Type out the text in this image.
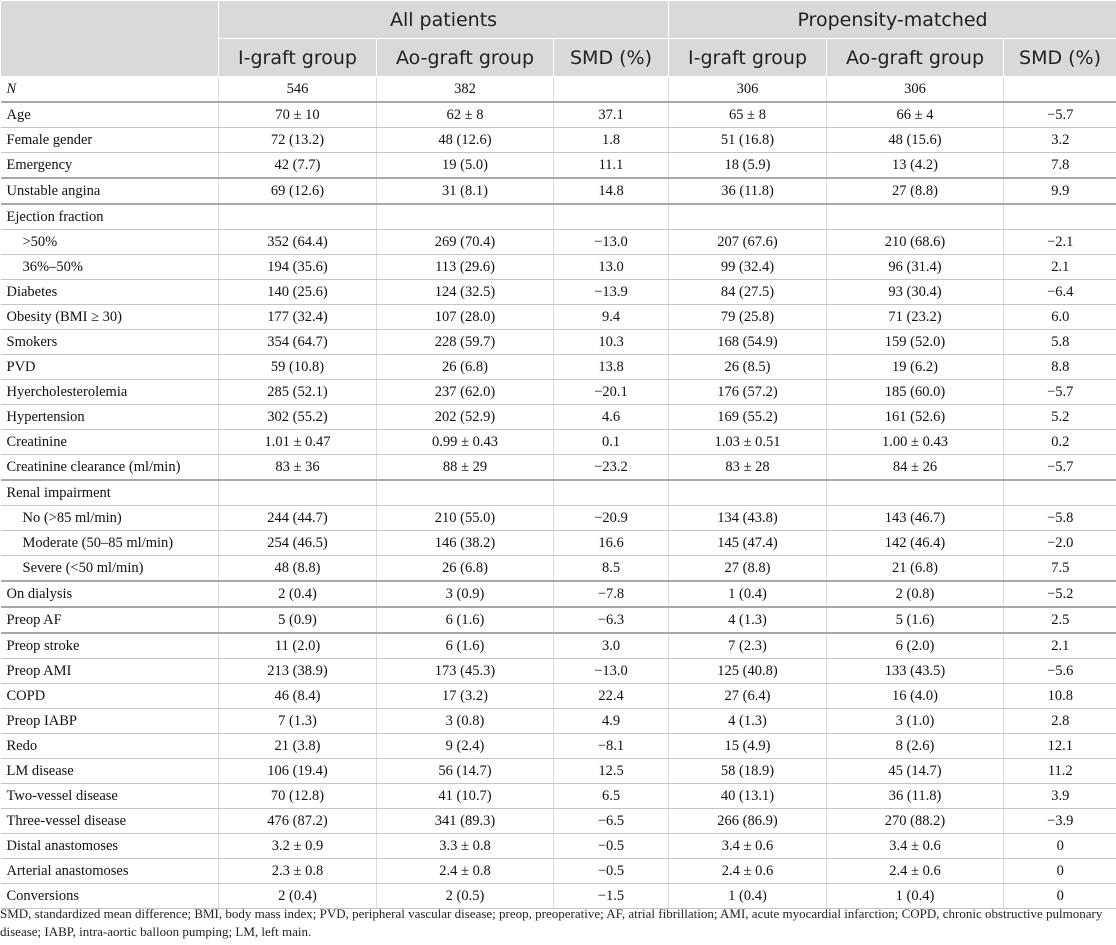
	All patients			Propensity-matched		
	I-graft group	Ao-graft group	SMD (%)	I-graft group	Ao-graft group	SMD (%)
N	546	382		306	306	
Age	70 ± 10	62 ± 8	37.1	65 ± 8	66 ± 4	−5.7
Female gender	72 (13.2)	48 (12.6)	1.8	51 (16.8)	48 (15.6)	3.2
Emergency	42 (7.7)	19 (5.0)	11.1	18 (5.9)	13 (4.2)	7.8
Unstable angina	69 (12.6)	31 (8.1)	14.8	36 (11.8)	27 (8.8)	9.9
Ejection fraction						
>50%	352 (64.4)	269 (70.4)	−13.0	207 (67.6)	210 (68.6)	−2.1
36%–50%	194 (35.6)	113 (29.6)	13.0	99 (32.4)	96 (31.4)	2.1
Diabetes	140 (25.6)	124 (32.5)	−13.9	84 (27.5)	93 (30.4)	−6.4
Obesity (BMI ≥ 30)	177 (32.4)	107 (28.0)	9.4	79 (25.8)	71 (23.2)	6.0
Smokers	354 (64.7)	228 (59.7)	10.3	168 (54.9)	159 (52.0)	5.8
PVD	59 (10.8)	26 (6.8)	13.8	26 (8.5)	19 (6.2)	8.8
Hyercholesterolemia	285 (52.1)	237 (62.0)	−20.1	176 (57.2)	185 (60.0)	−5.7
Hypertension	302 (55.2)	202 (52.9)	4.6	169 (55.2)	161 (52.6)	5.2
Creatinine	1.01 ± 0.47	0.99 ± 0.43	0.1	1.03 ± 0.51	1.00 ± 0.43	0.2
Creatinine clearance (ml/min)	83 ± 36	88 ± 29	−23.2	83 ± 28	84 ± 26	−5.7
Renal impairment						
No (>85 ml/min)	244 (44.7)	210 (55.0)	−20.9	134 (43.8)	143 (46.7)	−5.8
Moderate (50–85 ml/min)	254 (46.5)	146 (38.2)	16.6	145 (47.4)	142 (46.4)	−2.0
Severe (<50 ml/min)	48 (8.8)	26 (6.8)	8.5	27 (8.8)	21 (6.8)	7.5
On dialysis	2 (0.4)	3 (0.9)	−7.8	1 (0.4)	2 (0.8)	−5.2
Preop AF	5 (0.9)	6 (1.6)	−6.3	4 (1.3)	5 (1.6)	2.5
Preop stroke	11 (2.0)	6 (1.6)	3.0	7 (2.3)	6 (2.0)	2.1
Preop AMI	213 (38.9)	173 (45.3)	−13.0	125 (40.8)	133 (43.5)	−5.6
COPD	46 (8.4)	17 (3.2)	22.4	27 (6.4)	16 (4.0)	10.8
Preop IABP	7 (1.3)	3 (0.8)	4.9	4 (1.3)	3 (1.0)	2.8
Redo	21 (3.8)	9 (2.4)	−8.1	15 (4.9)	8 (2.6)	12.1
LM disease	106 (19.4)	56 (14.7)	12.5	58 (18.9)	45 (14.7)	11.2
Two-vessel disease	70 (12.8)	41 (10.7)	6.5	40 (13.1)	36 (11.8)	3.9
Three-vessel disease	476 (87.2)	341 (89.3)	−6.5	266 (86.9)	270 (88.2)	−3.9
Distal anastomoses	3.2 ± 0.9	3.3 ± 0.8	−0.5	3.4 ± 0.6	3.4 ± 0.6	0
Arterial anastomoses	2.3 ± 0.8	2.4 ± 0.8	−0.5	2.4 ± 0.6	2.4 ± 0.6	0
Conversions	2 (0.4)	2 (0.5)	−1.5	1 (0.4)	1 (0.4)	0
SMD, standardized mean difference; BMI, body mass index; PVD, peripheral vascular disease; preop, preoperative; AF, atrial fibrillation; AMI, acute myocardial infarction; COPD, chronic obstructive pulmonary disease; IABP, intra-aortic balloon pumping; LM, left main.
